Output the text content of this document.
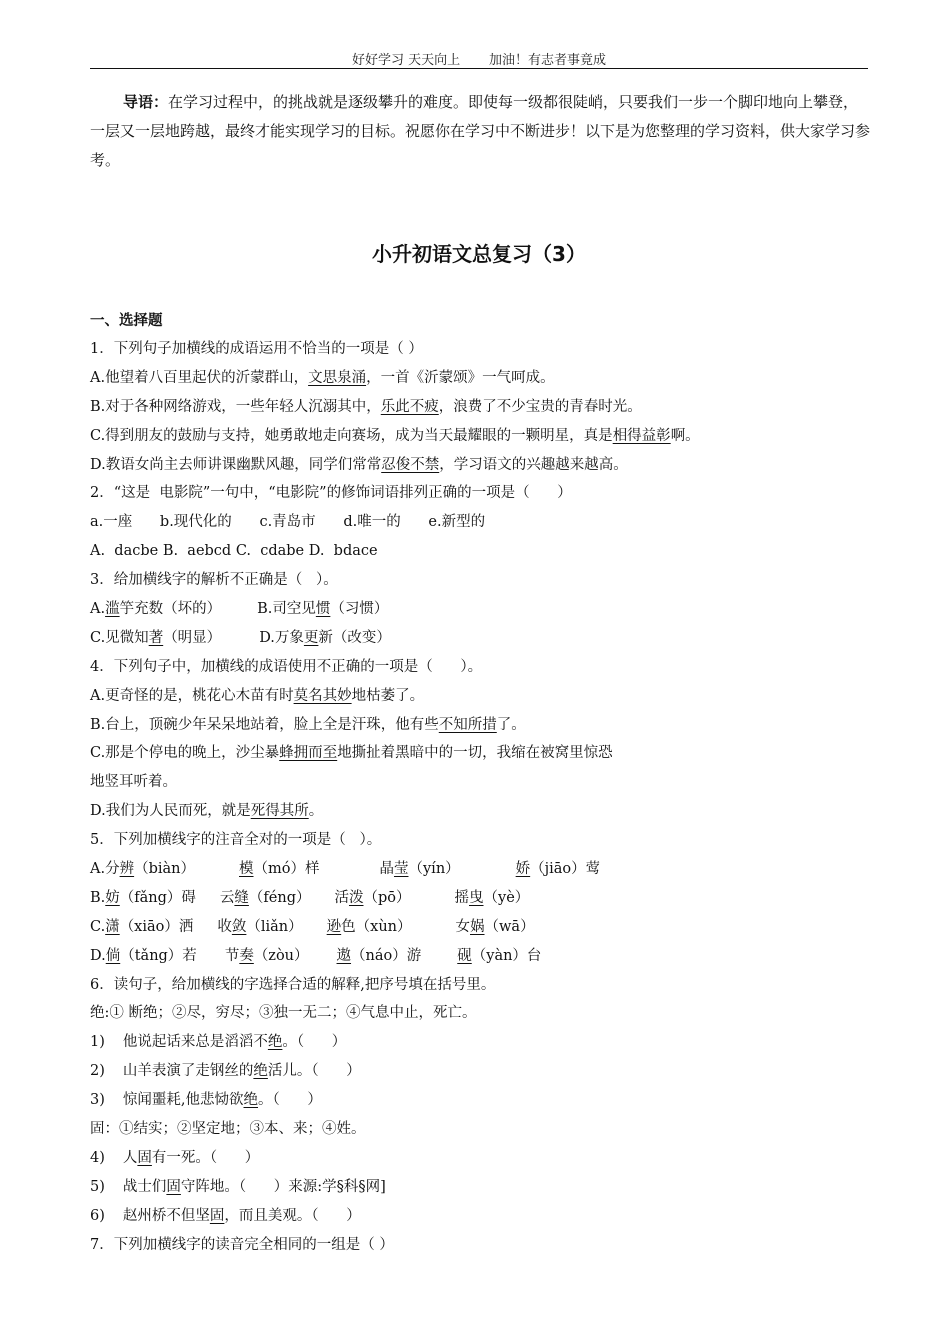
好好学习 天天向上 加油！有志者事竟成
导语：在学习过程中，的挑战就是逐级攀升的难度。即使每一级都很陡峭，只要我们一步一个脚印地向上攀登，一层又一层地跨越，最终才能实现学习的目标。祝愿你在学习中不断进步！以下是为您整理的学习资料，供大家学习参考。
小升初语文总复习（3）
一、选择题
1．下列句子加横线的成语运用不恰当的一项是（ ）
A.他望着八百里起伏的沂蒙群山，文思泉涌，一首《沂蒙颂》一气呵成。
B.对于各种网络游戏，一些年轻人沉溺其中，乐此不疲，浪费了不少宝贵的青春时光。
C.得到朋友的鼓励与支持，她勇敢地走向赛场，成为当天最耀眼的一颗明星，真是相得益彰啊。
D.教语女尚主去师讲课幽默风趣，同学们常常忍俊不禁，学习语文的兴趣越来越高。
2．“这是  电影院”一句中，“电影院”的修饰词语排列正确的一项是（      ）
a.一座      b.现代化的      c.青岛市      d.唯一的      e.新型的
A.  dacbe B.  aebcd C.  cdabe D.  bdace
3．给加横线字的解析不正确是（   ）。
A.滥竽充数（坏的） B.司空见惯（习惯）
C.见微知著（明显）	D.万象更新（改变）
4．下列句子中，加横线的成语使用不正确的一项是（      ）。
A.更奇怪的是，桃花心木苗有时莫名其妙地枯萎了。
B.台上，顶碗少年呆呆地站着，脸上全是汗珠，他有些不知所措了。
C.那是个停电的晚上，沙尘暴蜂拥而至地撕扯着黑暗中的一切，我缩在被窝里惊恐
地竖耳听着。
D.我们为人民而死，就是死得其所。
5．下列加横线字的注音全对的一项是（   ）。
A.分辨（biàn）	模（mó）样	晶莹（yín）	娇（jiāo）莺
B.妨（fǎng）碍 云缝（féng） 活泼（pō）	摇曳（yè）
C.潇（xiāo）洒 收敛（liǎn） 逊色（xùn）	女娲（wā）
D.倘（tǎng）若 节奏（zòu） 遨（náo）游 砚（yàn）台
6．读句子，给加横线的字选择合适的解释,把序号填在括号里。
绝:① 断绝；②尽，穷尽；③独一无二；④气息中止，死亡。
1) 他说起话来总是滔滔不绝。（      ）
2) 山羊表演了走钢丝的绝活儿。（      ）
3) 惊闻噩耗,他悲恸欲绝。（      ）
固：①结实；②坚定地；③本、来；④姓。
4) 人固有一死。（      ）
5) 战士们固守阵地。（      ）来源:学§科§网]
6) 赵州桥不但坚固，而且美观。（      ）
7．下列加横线字的读音完全相同的一组是（ ）
